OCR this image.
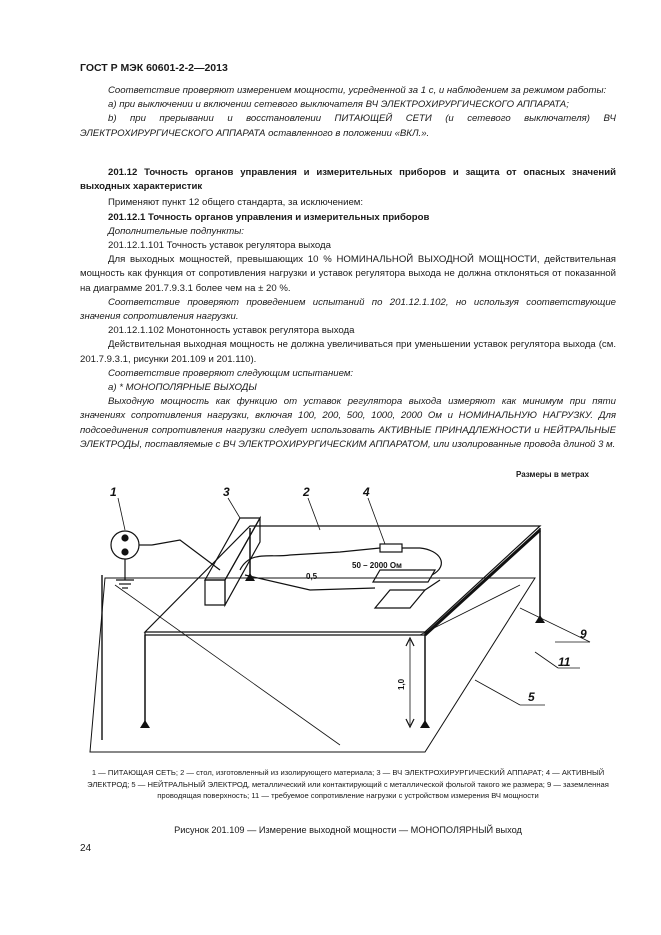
ГОСТ Р МЭК 60601-2-2—2013

Соответствие проверяют измерением мощности, усредненной за 1 с, и наблюдением за режимом работы:

a) при выключении и включении сетевого выключателя ВЧ ЭЛЕКТРОХИРУРГИЧЕСКОГО АППАРАТА;

b) при прерывании и восстановлении ПИТАЮЩЕЙ СЕТИ (и сетевого выключателя) ВЧ ЭЛЕКТРОХИРУРГИЧЕСКОГО АППАРАТА оставленного в положении «ВКЛ.».

201.12 Точность органов управления и измерительных приборов и защита от опасных значений выходных характеристик

Применяют пункт 12 общего стандарта, за исключением:

201.12.1 Точность органов управления и измерительных приборов

Дополнительные подпункты:

201.12.1.101 Точность уставок регулятора выхода

Для выходных мощностей, превышающих 10 % НОМИНАЛЬНОЙ ВЫХОДНОЙ МОЩНОСТИ, действительная мощность как функция от сопротивления нагрузки и уставок регулятора выхода не должна отклоняться от показанной на диаграмме 201.7.9.3.1 более чем на ± 20 %.

Соответствие проверяют проведением испытаний по 201.12.1.102, но используя соответствующие значения сопротивления нагрузки.

201.12.1.102 Монотонность уставок регулятора выхода

Действительная выходная мощность не должна увеличиваться при уменьшении уставок регулятора выхода (см. 201.7.9.3.1, рисунки 201.109 и 201.110).

Соответствие проверяют следующим испытанием:

a) * МОНОПОЛЯРНЫЕ ВЫХОДЫ

Выходную мощность как функцию от уставок регулятора выхода измеряют как минимум при пяти значениях сопротивления нагрузки, включая 100, 200, 500, 1000, 2000 Ом и НОМИНАЛЬНУЮ НАГРУЗКУ. Для подсоединения сопротивления нагрузки следует использовать АКТИВНЫЕ ПРИНАДЛЕЖНОСТИ и НЕЙТРАЛЬНЫЕ ЭЛЕКТРОДЫ, поставляемые с ВЧ ЭЛЕКТРОХИРУРГИЧЕСКИМ АППАРАТОМ, или изолированные провода длиной 3 м.

Размеры в метрах
1	3	2	4
9
11
5
0,5
50 – 2000 Ом
1,0
1 — ПИТАЮЩАЯ СЕТЬ; 2 — стол, изготовленный из изолирующего материала; 3 — ВЧ ЭЛЕКТРОХИРУРГИЧЕСКИЙ АППАРАТ; 4 — АКТИВНЫЙ ЭЛЕКТРОД; 5 — НЕЙТРАЛЬНЫЙ ЭЛЕКТРОД, металлический или контактирующий с металлической фольгой такого же размера; 9 — заземленная проводящая поверхность; 11 — требуемое сопротивление нагрузки с устройством измерения ВЧ мощности
Рисунок 201.109 — Измерение выходной мощности — МОНОПОЛЯРНЫЙ выход
24
